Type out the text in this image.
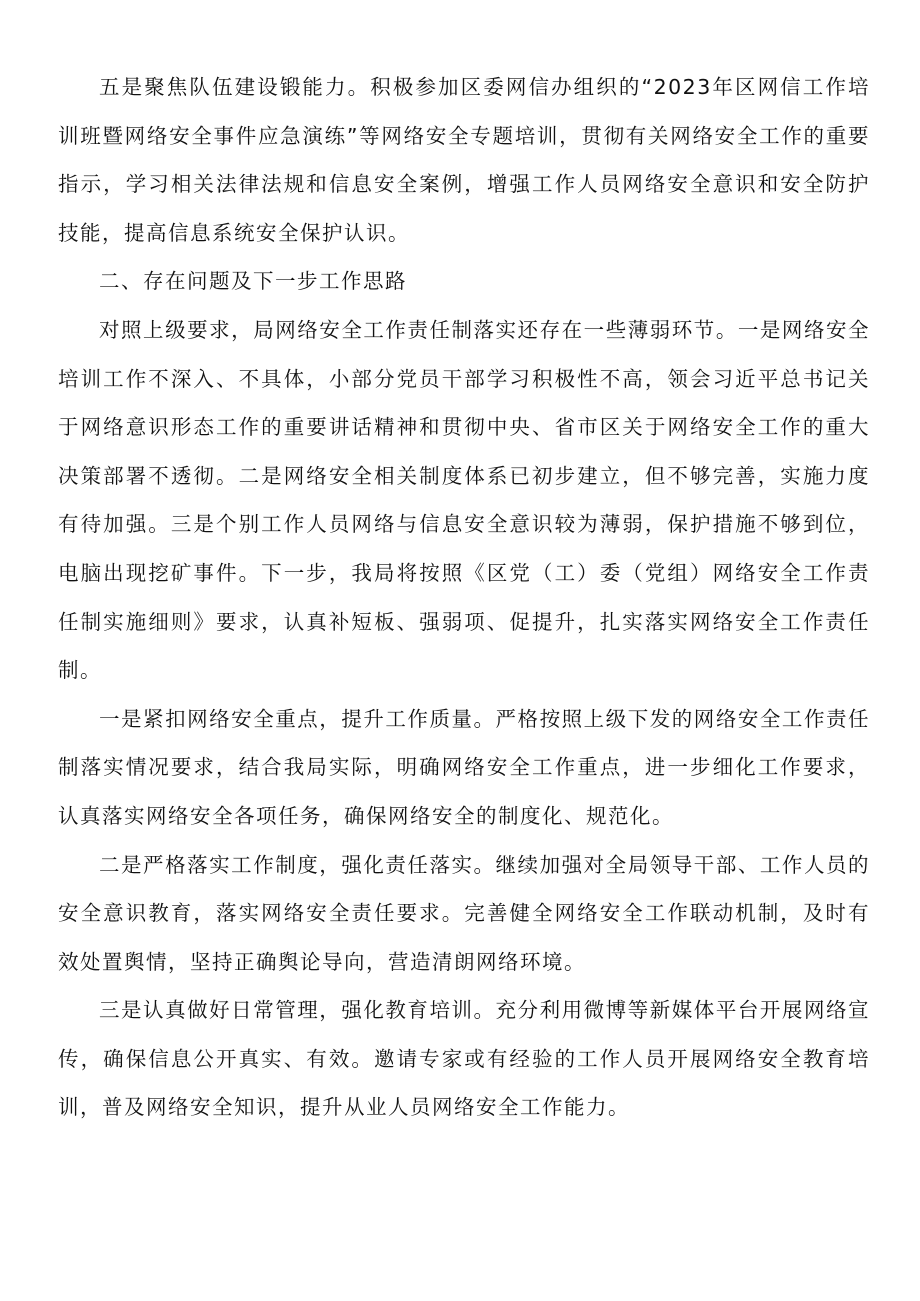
五是聚焦队伍建设锻能力。积极参加区委网信办组织的“2023年区网信工作培训班暨网络安全事件应急演练”等网络安全专题培训，贯彻有关网络安全工作的重要指示，学习相关法律法规和信息安全案例，增强工作人员网络安全意识和安全防护技能，提高信息系统安全保护认识。

二、存在问题及下一步工作思路

对照上级要求，局网络安全工作责任制落实还存在一些薄弱环节。一是网络安全培训工作不深入、不具体，小部分党员干部学习积极性不高，领会习近平总书记关于网络意识形态工作的重要讲话精神和贯彻中央、省市区关于网络安全工作的重大决策部署不透彻。二是网络安全相关制度体系已初步建立，但不够完善，实施力度有待加强。三是个别工作人员网络与信息安全意识较为薄弱，保护措施不够到位，电脑出现挖矿事件。下一步，我局将按照《区党（工）委（党组）网络安全工作责任制实施细则》要求，认真补短板、强弱项、促提升，扎实落实网络安全工作责任制。

一是紧扣网络安全重点，提升工作质量。严格按照上级下发的网络安全工作责任制落实情况要求，结合我局实际，明确网络安全工作重点，进一步细化工作要求，认真落实网络安全各项任务，确保网络安全的制度化、规范化。

二是严格落实工作制度，强化责任落实。继续加强对全局领导干部、工作人员的安全意识教育，落实网络安全责任要求。完善健全网络安全工作联动机制，及时有效处置舆情，坚持正确舆论导向，营造清朗网络环境。

三是认真做好日常管理，强化教育培训。充分利用微博等新媒体平台开展网络宣传，确保信息公开真实、有效。邀请专家或有经验的工作人员开展网络安全教育培训，普及网络安全知识，提升从业人员网络安全工作能力。
